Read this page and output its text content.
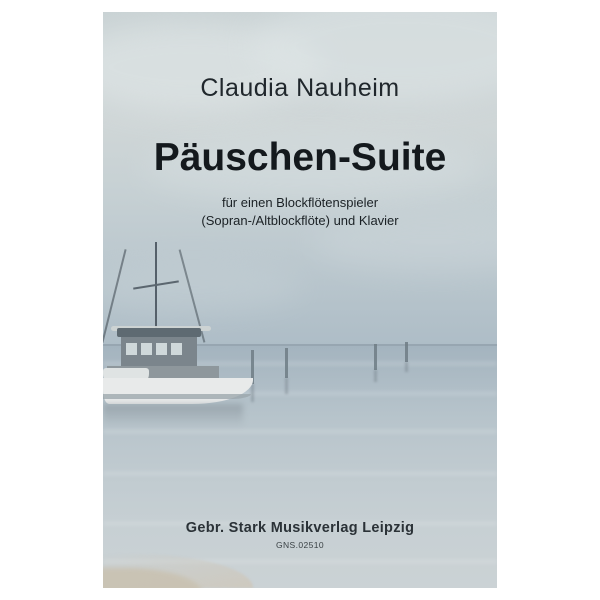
Claudia Nauheim
Päuschen-Suite
für einen Blockflötenspieler
(Sopran-/Altblockflöte) und Klavier
Gebr. Stark Musikverlag Leipzig
GNS.02510
